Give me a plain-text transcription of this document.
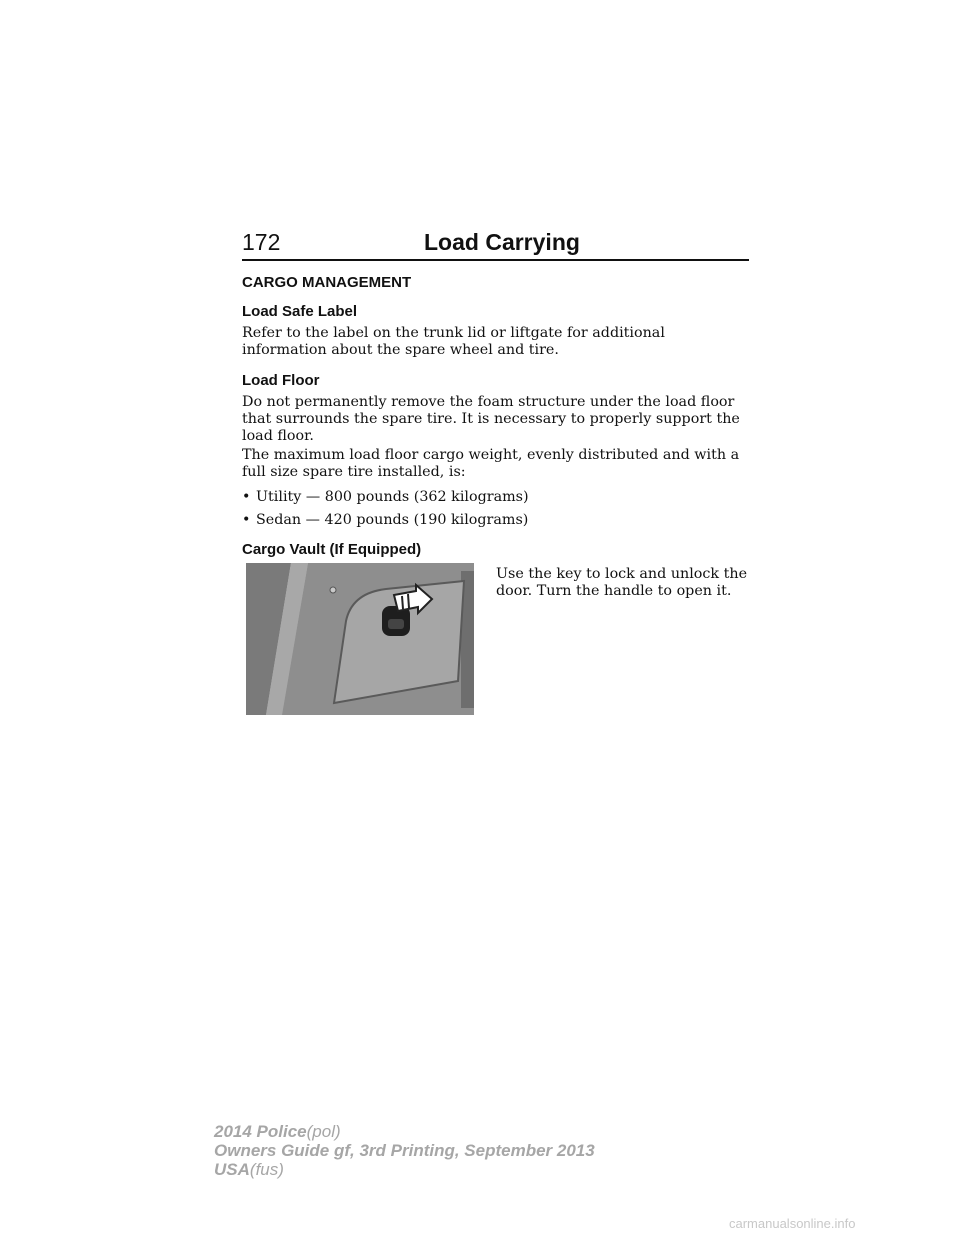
172	Load Carrying
CARGO MANAGEMENT
Load Safe Label

Refer to the label on the trunk lid or liftgate for additional information about the spare wheel and tire.

Load Floor

Do not permanently remove the foam structure under the load floor that surrounds the spare tire. It is necessary to properly support the load floor.

The maximum load floor cargo weight, evenly distributed and with a full size spare tire installed, is:

• Utility — 800 pounds (362 kilograms)
• Sedan — 420 pounds (190 kilograms)
Cargo Vault (If Equipped)

Use the key to lock and unlock the door. Turn the handle to open it.

2014 Police(pol)
Owners Guide gf, 3rd Printing, September 2013
USA(fus)
carmanualsonline.info
